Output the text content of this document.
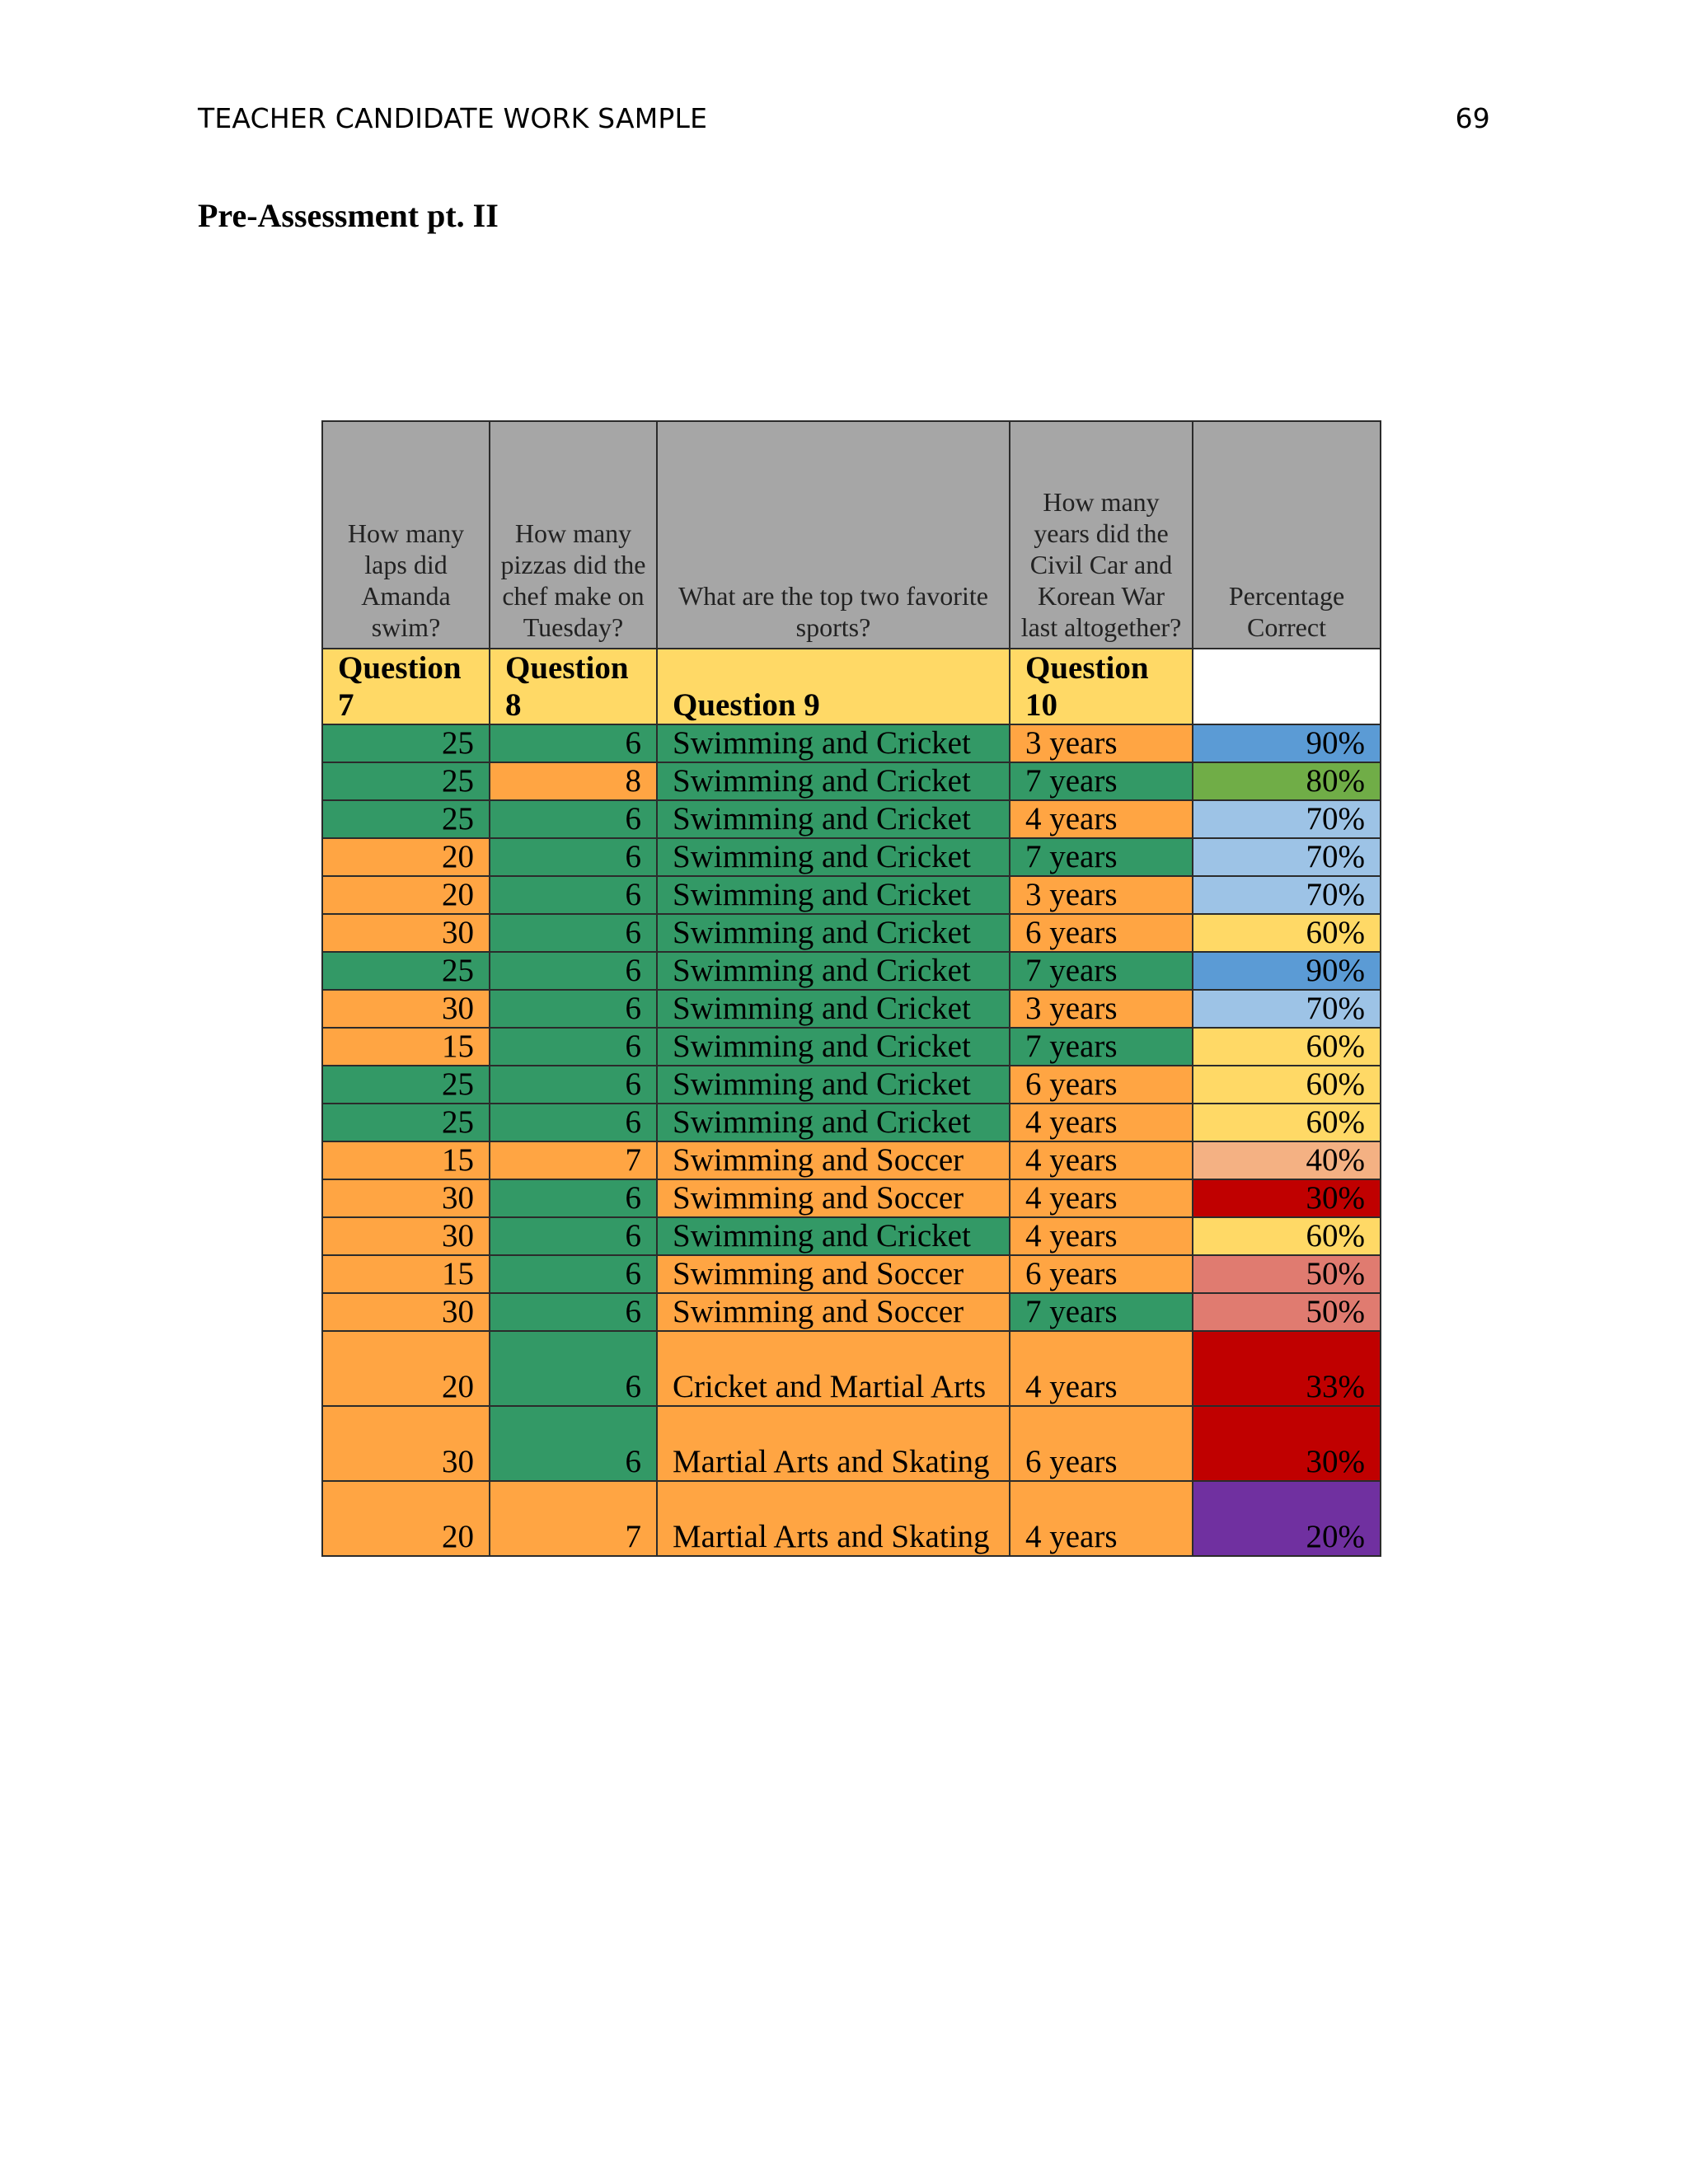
TEACHER CANDIDATE WORK SAMPLE	69
Pre-Assessment pt. II
How many laps did Amanda swim?	How many pizzas did the chef make on Tuesday?	What are the top two favorite sports?	How many years did the Civil Car and Korean War last altogether?	Percentage Correct
Question 7	Question 8	Question 9	Question 10	
25	6	Swimming and Cricket	3 years	90%
25	8	Swimming and Cricket	7 years	80%
25	6	Swimming and Cricket	4 years	70%
20	6	Swimming and Cricket	7 years	70%
20	6	Swimming and Cricket	3 years	70%
30	6	Swimming and Cricket	6 years	60%
25	6	Swimming and Cricket	7 years	90%
30	6	Swimming and Cricket	3 years	70%
15	6	Swimming and Cricket	7 years	60%
25	6	Swimming and Cricket	6 years	60%
25	6	Swimming and Cricket	4 years	60%
15	7	Swimming and Soccer	4 years	40%
30	6	Swimming and Soccer	4 years	30%
30	6	Swimming and Cricket	4 years	60%
15	6	Swimming and Soccer	6 years	50%
30	6	Swimming and Soccer	7 years	50%
20	6	Cricket and Martial Arts	4 years	33%
30	6	Martial Arts and Skating	6 years	30%
20	7	Martial Arts and Skating	4 years	20%
